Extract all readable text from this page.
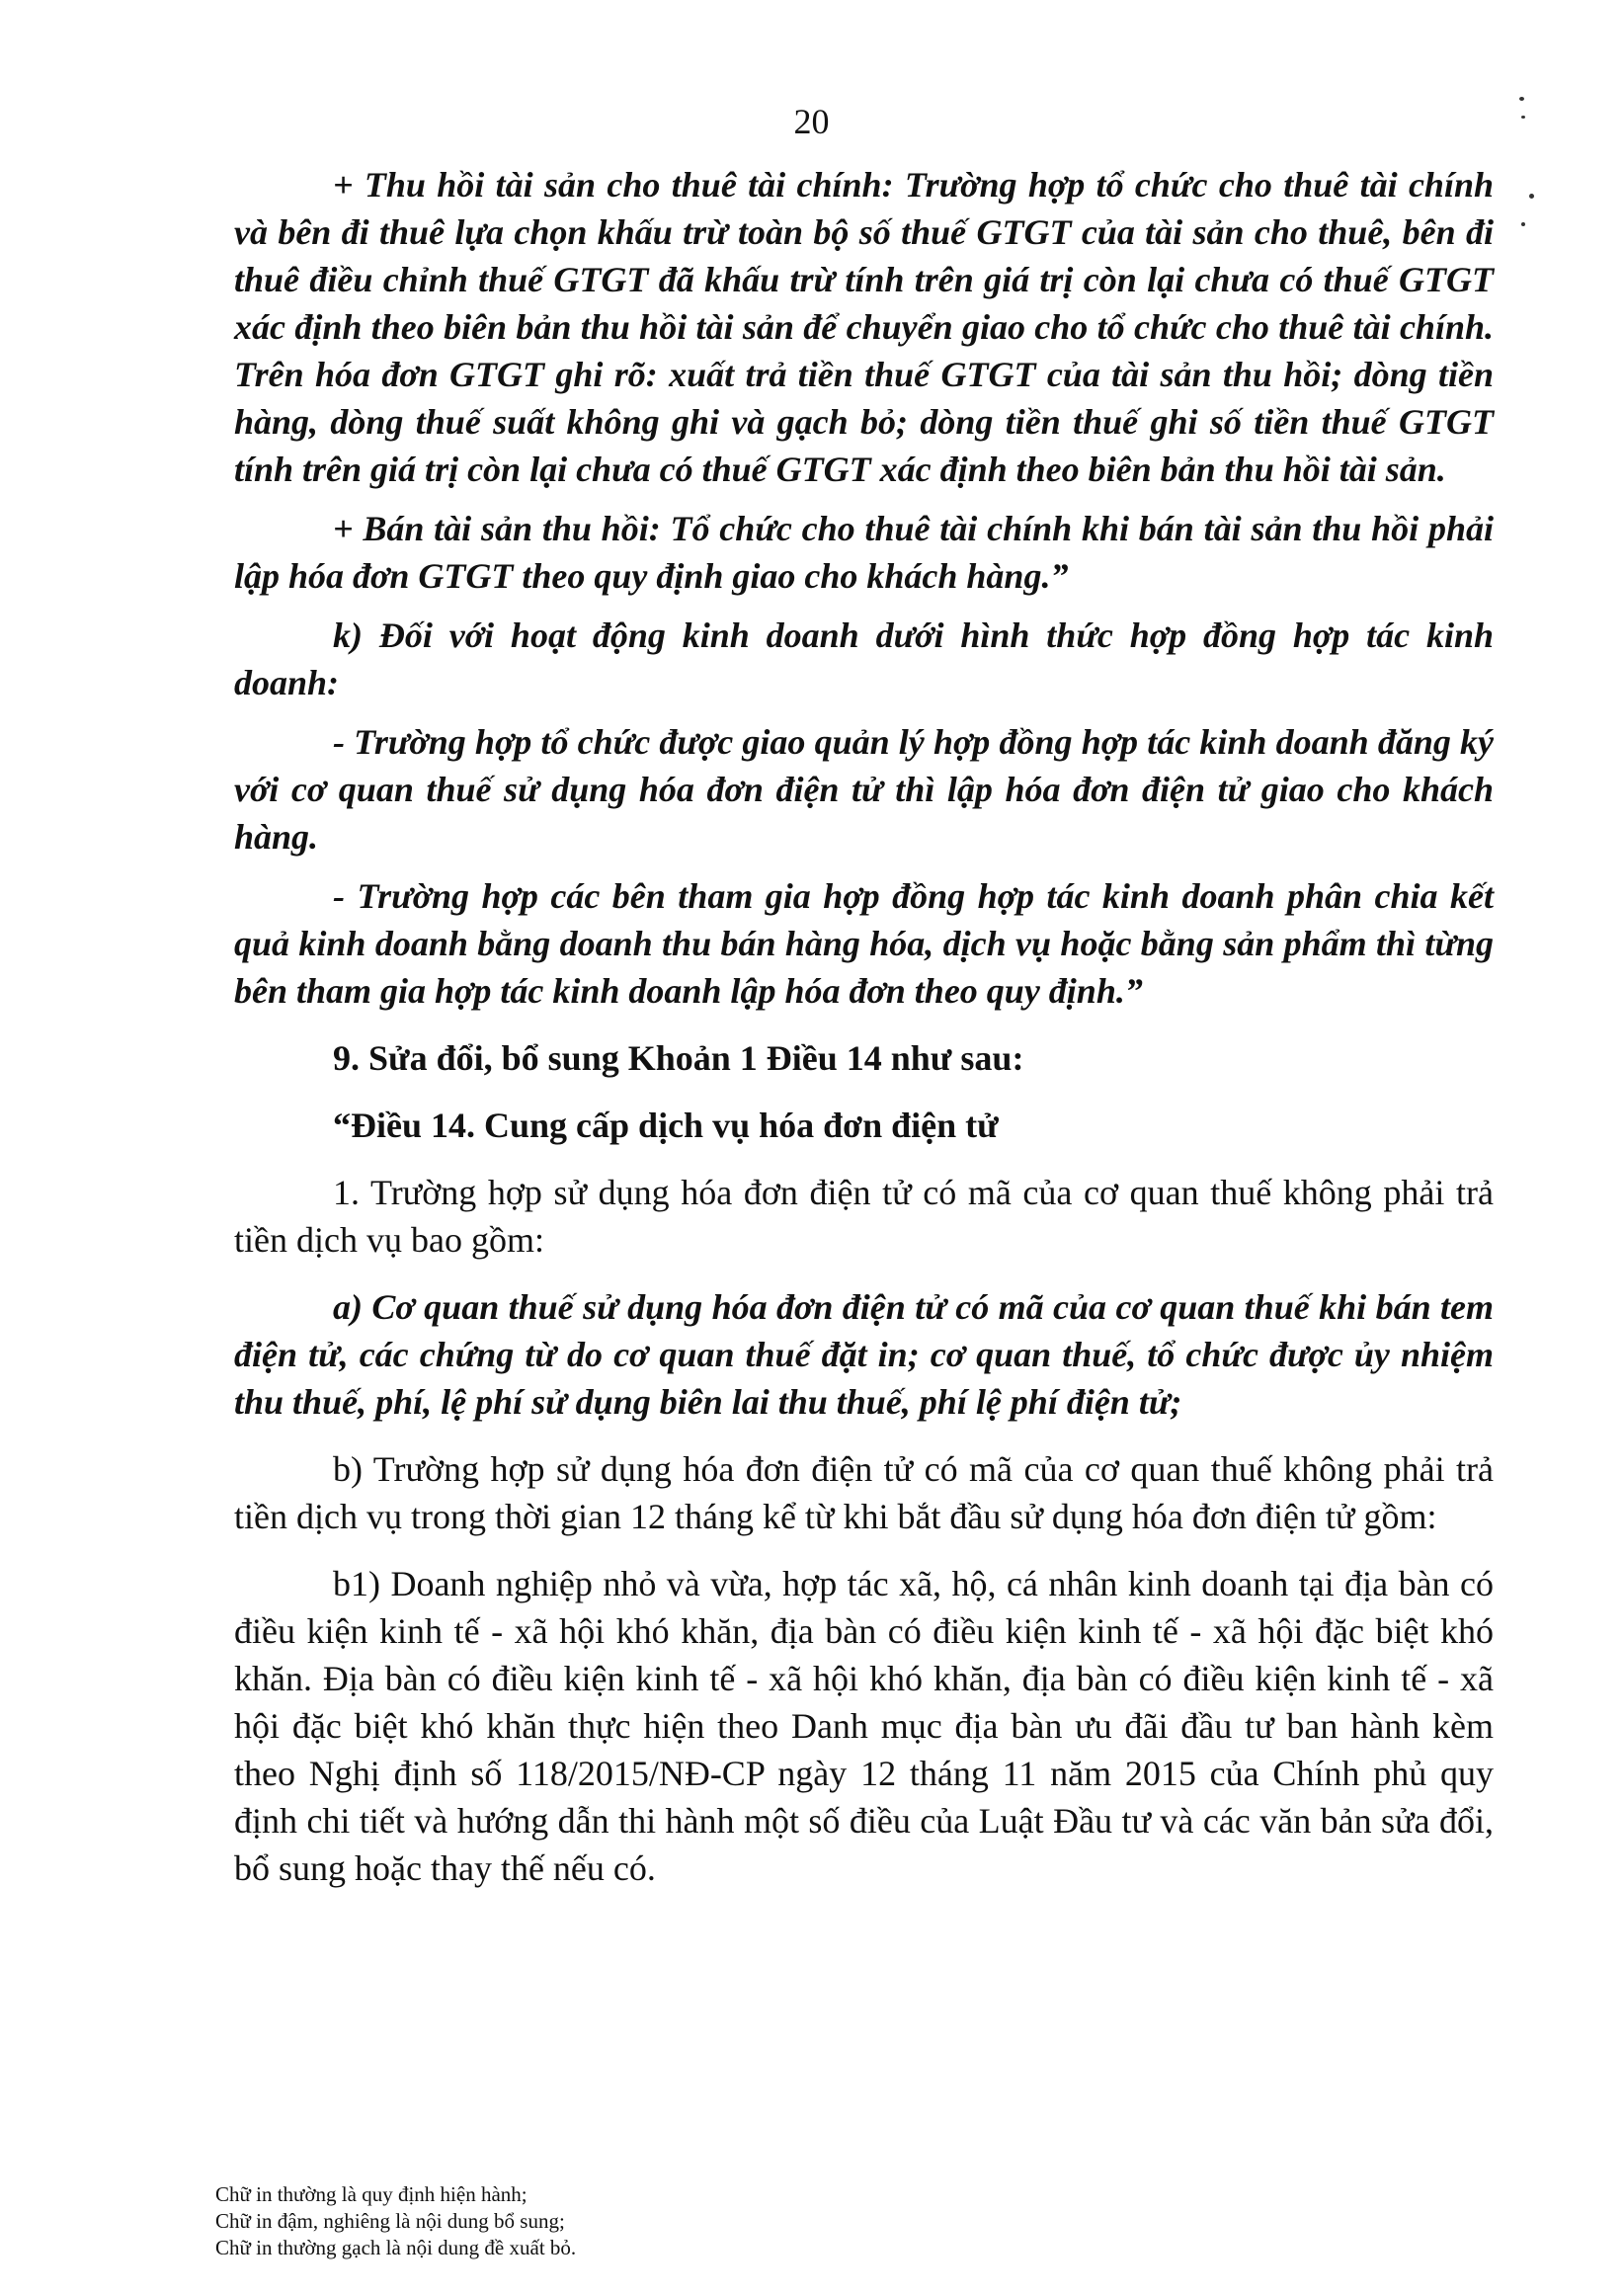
20

+ Thu hồi tài sản cho thuê tài chính: Trường hợp tổ chức cho thuê tài chính và bên đi thuê lựa chọn khấu trừ toàn bộ số thuế GTGT của tài sản cho thuê, bên đi thuê điều chỉnh thuế GTGT đã khấu trừ tính trên giá trị còn lại chưa có thuế GTGT xác định theo biên bản thu hồi tài sản để chuyển giao cho tổ chức cho thuê tài chính. Trên hóa đơn GTGT ghi rõ: xuất trả tiền thuế GTGT của tài sản thu hồi; dòng tiền hàng, dòng thuế suất không ghi và gạch bỏ; dòng tiền thuế ghi số tiền thuế GTGT tính trên giá trị còn lại chưa có thuế GTGT xác định theo biên bản thu hồi tài sản.

+ Bán tài sản thu hồi: Tổ chức cho thuê tài chính khi bán tài sản thu hồi phải lập hóa đơn GTGT theo quy định giao cho khách hàng.”

k) Đối với hoạt động kinh doanh dưới hình thức hợp đồng hợp tác kinh doanh:

- Trường hợp tổ chức được giao quản lý hợp đồng hợp tác kinh doanh đăng ký với cơ quan thuế sử dụng hóa đơn điện tử thì lập hóa đơn điện tử giao cho khách hàng.

- Trường hợp các bên tham gia hợp đồng hợp tác kinh doanh phân chia kết quả kinh doanh bằng doanh thu bán hàng hóa, dịch vụ hoặc bằng sản phẩm thì từng bên tham gia hợp tác kinh doanh lập hóa đơn theo quy định.”

9. Sửa đổi, bổ sung Khoản 1 Điều 14 như sau:

“Điều 14. Cung cấp dịch vụ hóa đơn điện tử

1. Trường hợp sử dụng hóa đơn điện tử có mã của cơ quan thuế không phải trả tiền dịch vụ bao gồm:

a) Cơ quan thuế sử dụng hóa đơn điện tử có mã của cơ quan thuế khi bán tem điện tử, các chứng từ do cơ quan thuế đặt in; cơ quan thuế, tổ chức được ủy nhiệm thu thuế, phí, lệ phí sử dụng biên lai thu thuế, phí lệ phí điện tử;

b) Trường hợp sử dụng hóa đơn điện tử có mã của cơ quan thuế không phải trả tiền dịch vụ trong thời gian 12 tháng kể từ khi bắt đầu sử dụng hóa đơn điện tử gồm:

b1) Doanh nghiệp nhỏ và vừa, hợp tác xã, hộ, cá nhân kinh doanh tại địa bàn có điều kiện kinh tế - xã hội khó khăn, địa bàn có điều kiện kinh tế - xã hội đặc biệt khó khăn. Địa bàn có điều kiện kinh tế - xã hội khó khăn, địa bàn có điều kiện kinh tế - xã hội đặc biệt khó khăn thực hiện theo Danh mục địa bàn ưu đãi đầu tư ban hành kèm theo Nghị định số 118/2015/NĐ-CP ngày 12 tháng 11 năm 2015 của Chính phủ quy định chi tiết và hướng dẫn thi hành một số điều của Luật Đầu tư và các văn bản sửa đổi, bổ sung hoặc thay thế nếu có.

Chữ in thường là quy định hiện hành;

Chữ in đậm, nghiêng là nội dung bổ sung;

Chữ in thường gạch là nội dung đề xuất bỏ.
